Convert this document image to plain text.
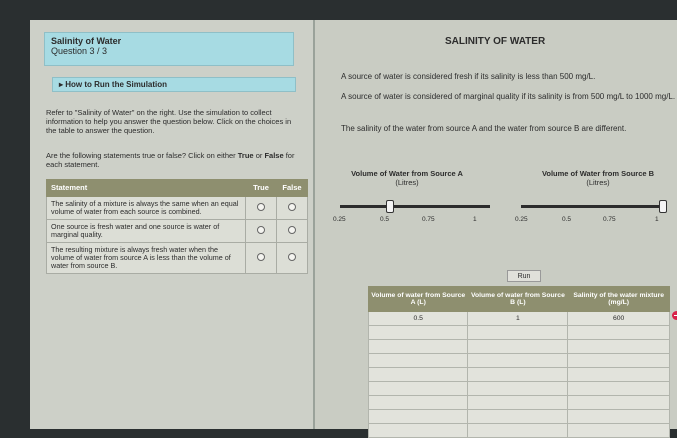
Salinity of Water
Question 3 / 3
▸ How to Run the Simulation
Refer to "Salinity of Water" on the right. Use the simulation to collect information to help you answer the question below. Click on the choices in the table to answer the question.
Are the following statements true or false? Click on either True or False for each statement.
Statement	True	False
The salinity of a mixture is always the same when an equal volume of water from each source is combined.		
One source is fresh water and one source is water of marginal quality.		
The resulting mixture is always fresh water when the volume of water from source A is less than the volume of water from source B.		
SALINITY OF WATER
A source of water is considered fresh if its salinity is less than 500 mg/L.
A source of water is considered of marginal quality if its salinity is from 500 mg/L to 1000 mg/L.
The salinity of the water from source A and the water from source B are different.
Volume of Water from Source A
(Litres)
0.25	0.5	0.75	1
Volume of Water from Source B
(Litres)
0.25	0.5	0.75	1
Run
Volume of water from Source A (L)	Volume of water from Source B (L)	Salinity of the water mixture (mg/L)
0.5	1	600
